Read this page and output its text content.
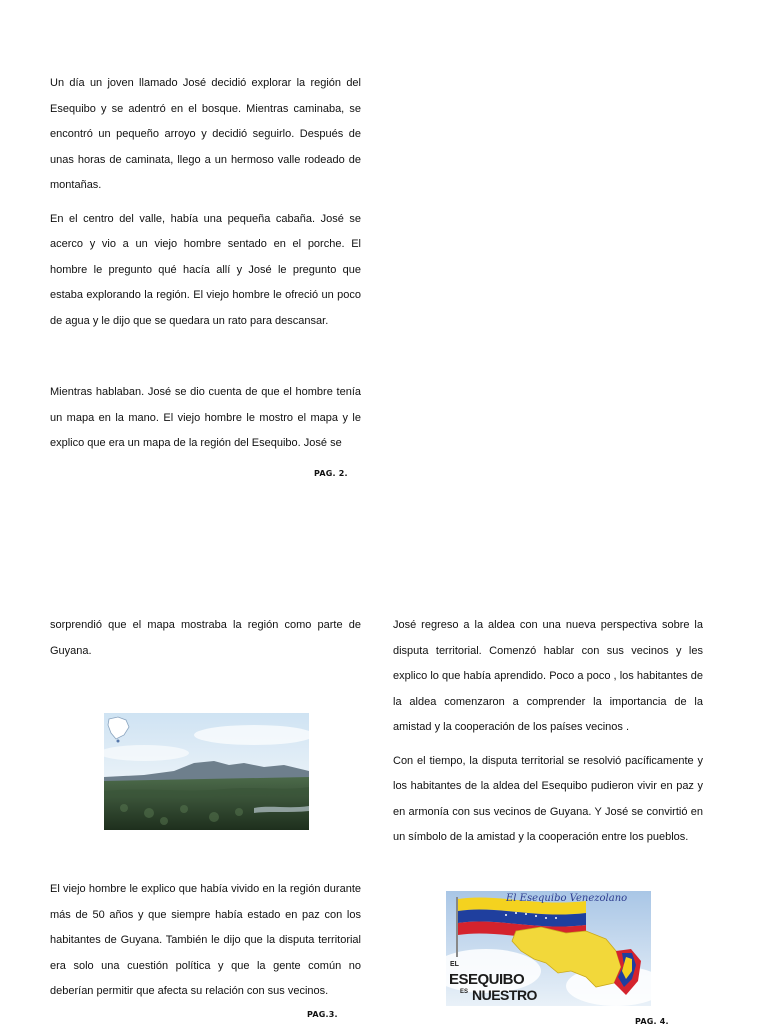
Un día un joven llamado José decidió explorar la región del Esequibo y se adentró en el bosque. Mientras caminaba, se encontró un pequeño arroyo y decidió seguirlo. Después de unas horas de caminata, llego a un hermoso valle rodeado de montañas.

En el centro del valle, había una pequeña cabaña. José se acerco y vio a un viejo hombre sentado en el porche. El hombre le pregunto qué hacía allí y José le pregunto que estaba explorando la región. El viejo hombre le ofreció un poco de agua y le dijo que se quedara un rato para descansar.

Mientras hablaban. José se dio cuenta de que el hombre tenía un mapa en la mano. El viejo hombre le mostro el mapa y le explico que era un mapa de la región del Esequibo. José se

PAG. 2.

sorprendió que el mapa mostraba la región como parte de Guyana.

El viejo hombre le explico que había vivido en la región durante más de 50 años y que siempre había estado en paz con los habitantes de Guyana. También le dijo que la disputa territorial era solo una cuestión política y que la gente común no deberían permitir que afecta su relación con sus vecinos.

PAG.3.

José regreso a la aldea con una nueva perspectiva sobre la disputa territorial. Comenzó hablar con sus vecinos y les explico lo que había aprendido. Poco a poco , los habitantes de la aldea comenzaron a comprender la importancia de la amistad y la cooperación de los países vecinos .

Con el tiempo, la disputa territorial se resolvió pacíficamente y los habitantes de la aldea del Esequibo pudieron vivir en paz y en armonía con sus vecinos de Guyana. Y José se convirtió en un símbolo de la amistad y la cooperación entre los pueblos.

El Esequibo Venezolano
EL
ESEQUIBO
ES NUESTRO
PAG. 4.
